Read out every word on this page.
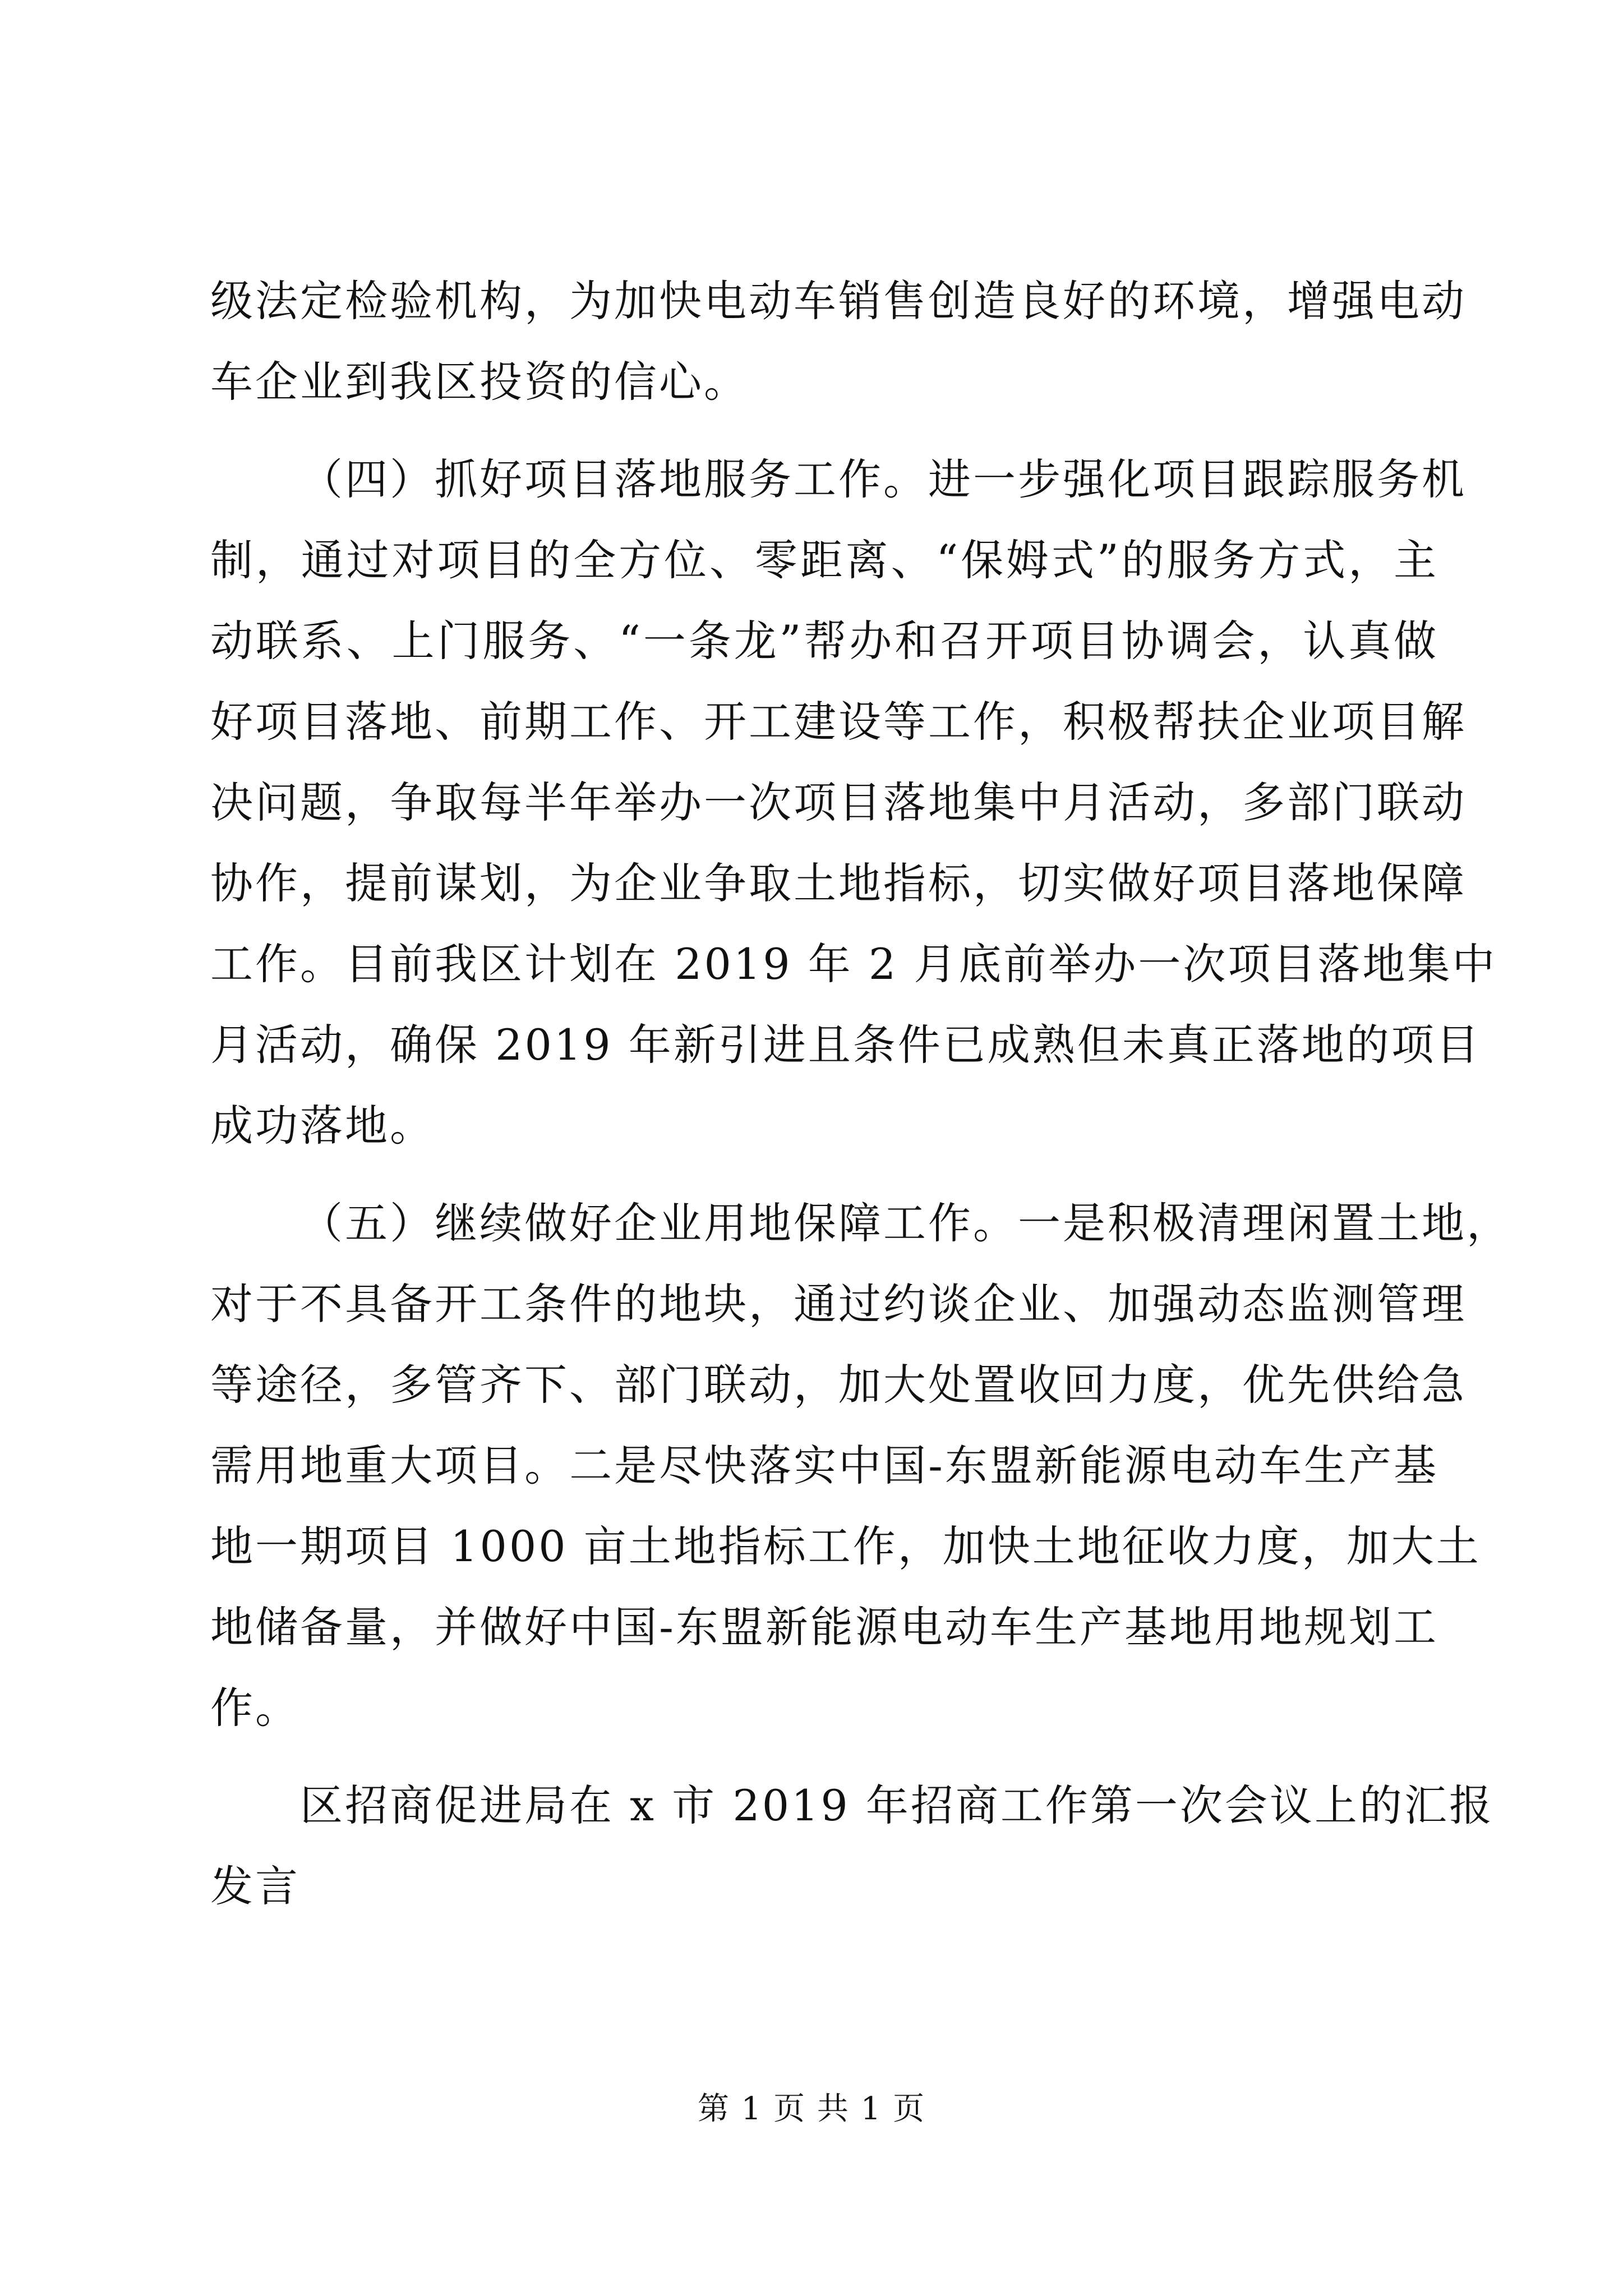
级法定检验机构，为加快电动车销售创造良好的环境，增强电动
车企业到我区投资的信心。
（四）抓好项目落地服务工作。进一步强化项目跟踪服务机
制，通过对项目的全方位、零距离、“保姆式”的服务方式，主
动联系、上门服务、“一条龙”帮办和召开项目协调会，认真做
好项目落地、前期工作、开工建设等工作，积极帮扶企业项目解
决问题，争取每半年举办一次项目落地集中月活动，多部门联动
协作，提前谋划，为企业争取土地指标，切实做好项目落地保障
工作。目前我区计划在 2019 年 2 月底前举办一次项目落地集中
月活动，确保 2019 年新引进且条件已成熟但未真正落地的项目
成功落地。
（五）继续做好企业用地保障工作。一是积极清理闲置土地，
对于不具备开工条件的地块，通过约谈企业、加强动态监测管理
等途径，多管齐下、部门联动，加大处置收回力度，优先供给急
需用地重大项目。二是尽快落实中国-东盟新能源电动车生产基
地一期项目 1000 亩土地指标工作，加快土地征收力度，加大土
地储备量，并做好中国-东盟新能源电动车生产基地用地规划工
作。
区招商促进局在 x 市 2019 年招商工作第一次会议上的汇报
发言
第 1 页 共 1 页
